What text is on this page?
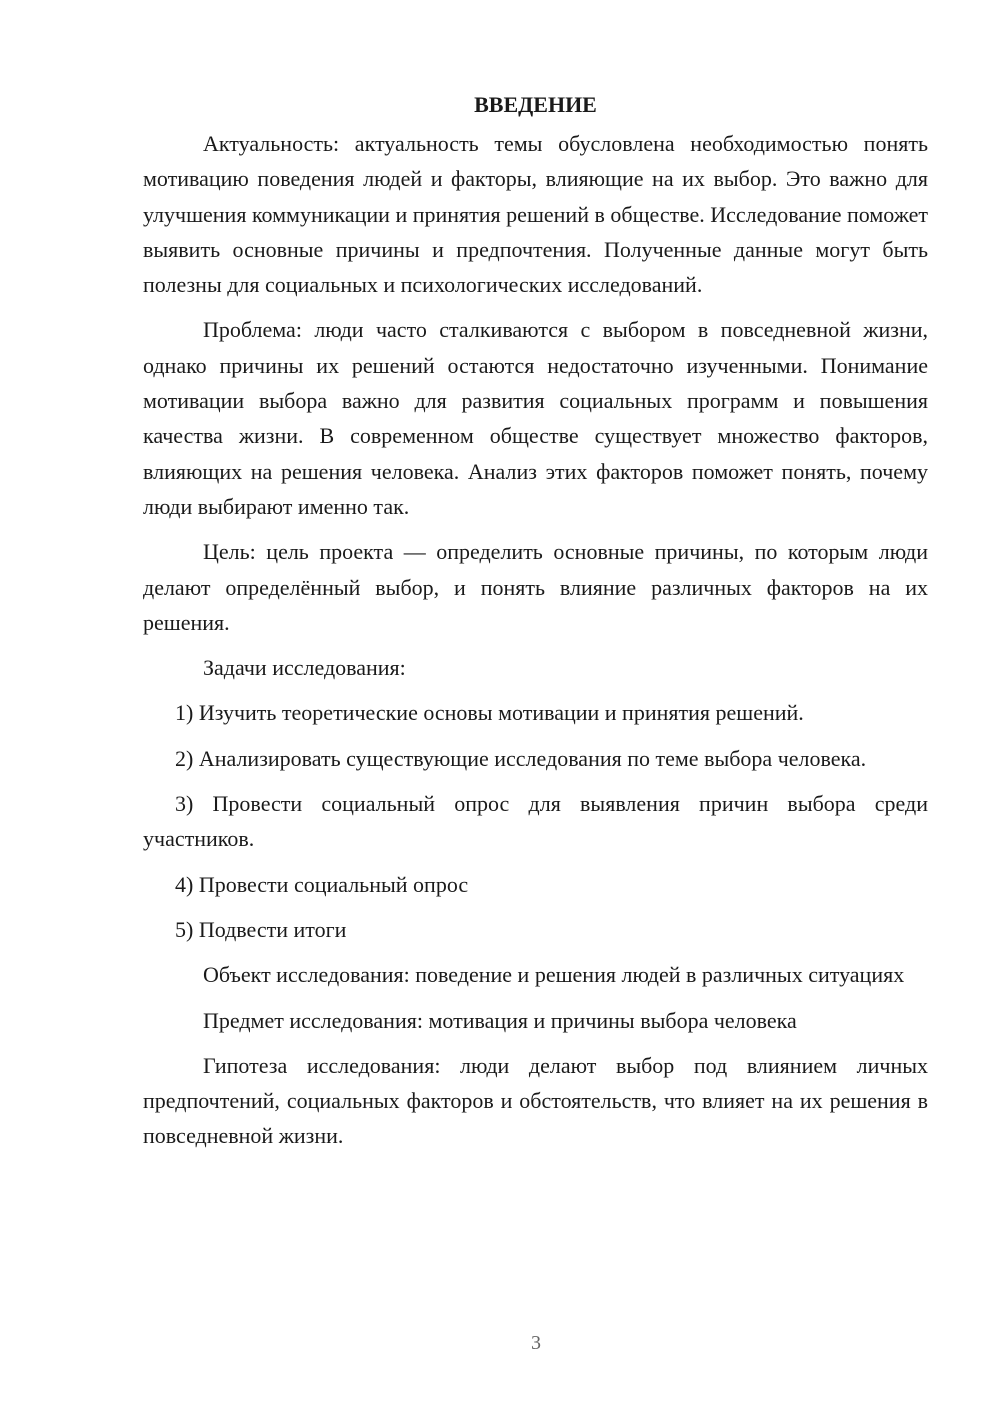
ВВЕДЕНИЕ

Актуальность: актуальность темы обусловлена необходимостью понять мотивацию поведения людей и факторы, влияющие на их выбор. Это важно для улучшения коммуникации и принятия решений в обществе. Исследование поможет выявить основные причины и предпочтения. Полученные данные могут быть полезны для социальных и психологических исследований.

Проблема: люди часто сталкиваются с выбором в повседневной жизни, однако причины их решений остаются недостаточно изученными. Понимание мотивации выбора важно для развития социальных программ и повышения качества жизни. В современном обществе существует множество факторов, влияющих на решения человека. Анализ этих факторов поможет понять, почему люди выбирают именно так.

Цель: цель проекта — определить основные причины, по которым люди делают определённый выбор, и понять влияние различных факторов на их решения.

Задачи исследования:

1) Изучить теоретические основы мотивации и принятия решений.

2) Анализировать существующие исследования по теме выбора человека.

3) Провести социальный опрос для выявления причин выбора среди участников.

4) Провести социальный опрос

5) Подвести итоги

Объект исследования: поведение и решения людей в различных ситуациях

Предмет исследования: мотивация и причины выбора человека

Гипотеза исследования: люди делают выбор под влиянием личных предпочтений, социальных факторов и обстоятельств, что влияет на их решения в повседневной жизни.

3
